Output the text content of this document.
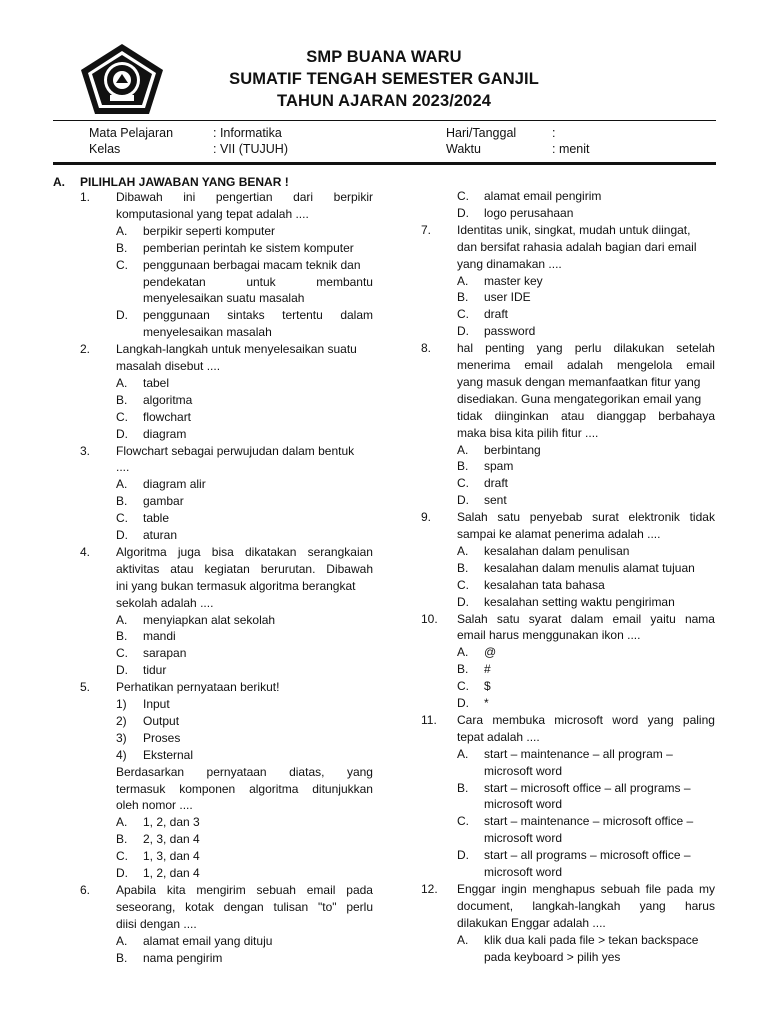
SMP BUANA WARU
SUMATIF TENGAH SEMESTER GANJIL
TAHUN AJARAN 2023/2024
Mata Pelajaran	: Informatika
Kelas	: VII (TUJUH)
Hari/Tanggal	:
Waktu	: menit
A. PILIHLAH JAWABAN YANG BENAR !
1. Dibawah ini pengertian dari berpikir
komputasional yang tepat adalah ....
A. berpikir seperti komputer
B. pemberian perintah ke sistem komputer
C. penggunaan berbagai macam teknik dan
pendekatan	untuk	membantu
menyelesaikan suatu masalah
D. penggunaan sintaks tertentu dalam
menyelesaikan masalah
2. Langkah-langkah untuk menyelesaikan suatu
masalah disebut ....
A. tabel
B. algoritma
C. flowchart
D. diagram
3. Flowchart sebagai perwujudan dalam bentuk
....
A. diagram alir
B. gambar
C. table
D. aturan
4. Algoritma juga bisa dikatakan serangkaian
aktivitas atau kegiatan berurutan. Dibawah
ini yang bukan termasuk algoritma berangkat
sekolah adalah ....
A. menyiapkan alat sekolah
B. mandi
C. sarapan
D. tidur
5. Perhatikan pernyataan berikut!
1) Input
2) Output
3) Proses
4) Eksternal
Berdasarkan pernyataan diatas, yang
termasuk komponen algoritma ditunjukkan
oleh nomor ....
A. 1, 2, dan 3
B. 2, 3, dan 4
C. 1, 3, dan 4
D. 1, 2, dan 4
6. Apabila kita mengirim sebuah email pada
seseorang, kotak dengan tulisan "to" perlu
diisi dengan ....
A. alamat email yang dituju
B. nama pengirim
C. alamat email pengirim
D. logo perusahaan
7. Identitas unik, singkat, mudah untuk diingat,
dan bersifat rahasia adalah bagian dari email
yang dinamakan ....
A. master key
B. user IDE
C. draft
D. password
8. hal penting yang perlu dilakukan setelah
menerima email adalah mengelola email
yang masuk dengan memanfaatkan fitur yang
disediakan. Guna mengategorikan email yang
tidak diinginkan atau dianggap berbahaya
maka bisa kita pilih fitur ....
A. berbintang
B. spam
C. draft
D. sent
9. Salah satu penyebab surat elektronik tidak
sampai ke alamat penerima adalah ....
A. kesalahan dalam penulisan
B. kesalahan dalam menulis alamat tujuan
C. kesalahan tata bahasa
D. kesalahan setting waktu pengiriman
10. Salah satu syarat dalam email yaitu nama
email harus menggunakan ikon ....
A. @
B. #
C. $
D. *
11. Cara membuka microsoft word yang paling
tepat adalah ....
A. start – maintenance – all program –
microsoft word
B. start – microsoft office – all programs –
microsoft word
C. start – maintenance – microsoft office –
microsoft word
D. start – all programs – microsoft office –
microsoft word
12. Enggar ingin menghapus sebuah file pada my
document, langkah-langkah yang harus
dilakukan Enggar adalah ....
A. klik dua kali pada file > tekan backspace
pada keyboard > pilih yes
